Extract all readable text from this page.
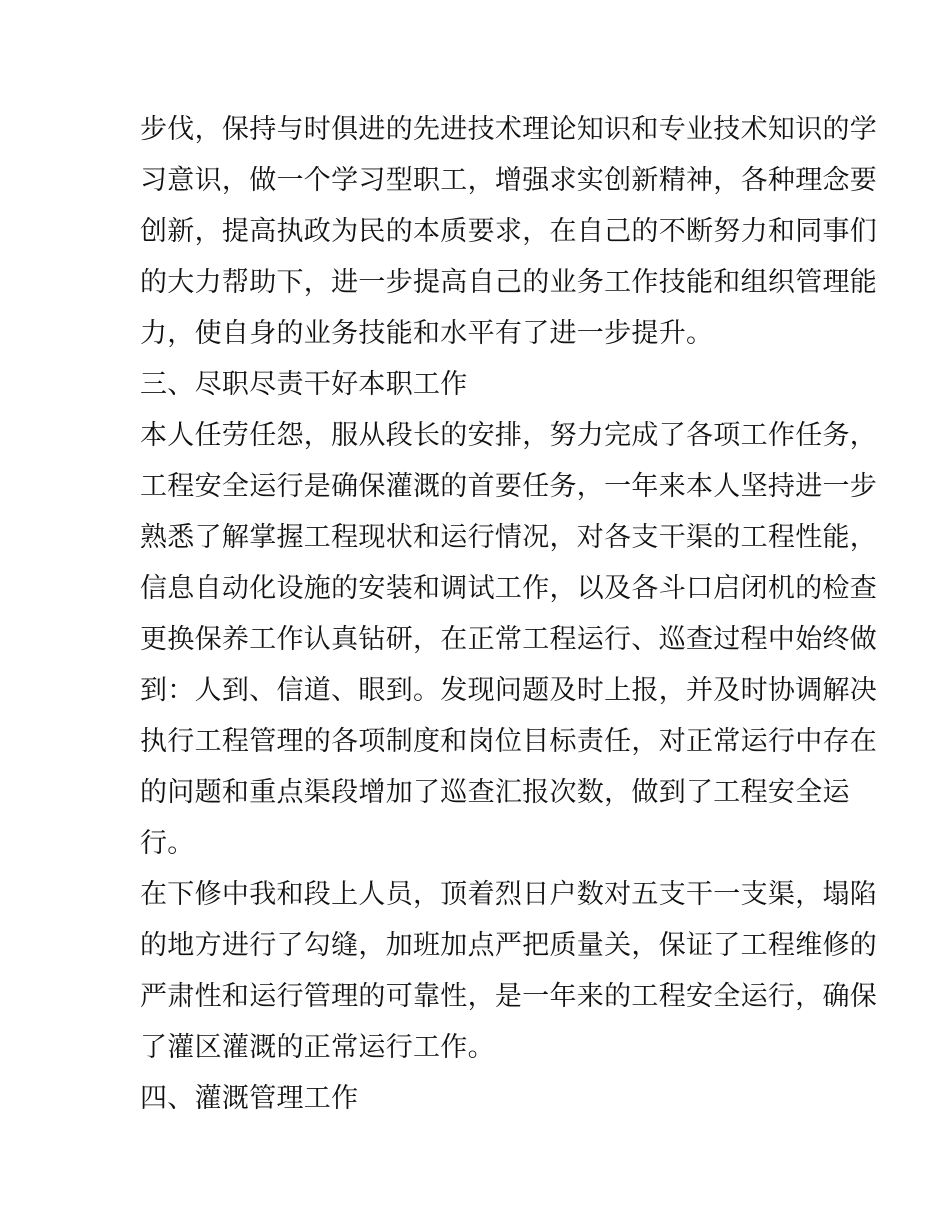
步伐，保持与时俱进的先进技术理论知识和专业技术知识的学
习意识，做一个学习型职工，增强求实创新精神，各种理念要
创新，提高执政为民的本质要求，在自己的不断努力和同事们
的大力帮助下，进一步提高自己的业务工作技能和组织管理能
力，使自身的业务技能和水平有了进一步提升。
三、尽职尽责干好本职工作
本人任劳任怨，服从段长的安排，努力完成了各项工作任务，
工程安全运行是确保灌溉的首要任务，一年来本人坚持进一步
熟悉了解掌握工程现状和运行情况，对各支干渠的工程性能，
信息自动化设施的安装和调试工作，以及各斗口启闭机的检查
更换保养工作认真钻研，在正常工程运行、巡查过程中始终做
到：人到、信道、眼到。发现问题及时上报，并及时协调解决
执行工程管理的各项制度和岗位目标责任，对正常运行中存在
的问题和重点渠段增加了巡查汇报次数，做到了工程安全运
行。
在下修中我和段上人员，顶着烈日户数对五支干一支渠，塌陷
的地方进行了勾缝，加班加点严把质量关，保证了工程维修的
严肃性和运行管理的可靠性，是一年来的工程安全运行，确保
了灌区灌溉的正常运行工作。
四、灌溉管理工作
